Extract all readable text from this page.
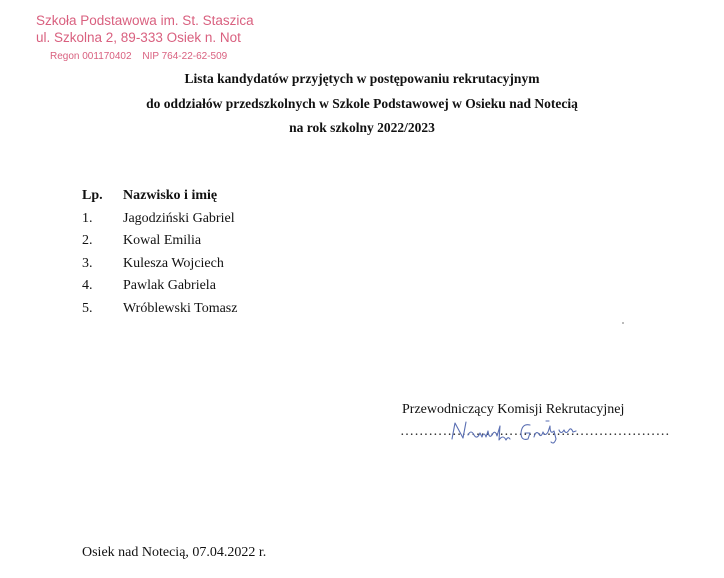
Szkoła Podstawowa im. St. Staszica
ul. Szkolna 2, 89-333 Osiek n. Not
Regon 001170402 NIP 764-22-62-509
Lista kandydatów przyjętych w postępowaniu rekrutacyjnym
do oddziałów przedszkolnych w Szkole Podstawowej w Osieku nad Notecią
na rok szkolny 2022/2023
Lp.	Nazwisko i imię
1.	Jagodziński Gabriel
2.	Kowal Emilia
3.	Kulesza Wojciech
4.	Pawlak Gabriela
5.	Wróblewski Tomasz
Przewodniczący Komisji Rekrutacyjnej
…………………………………………………
Osiek nad Notecią, 07.04.2022 r.
